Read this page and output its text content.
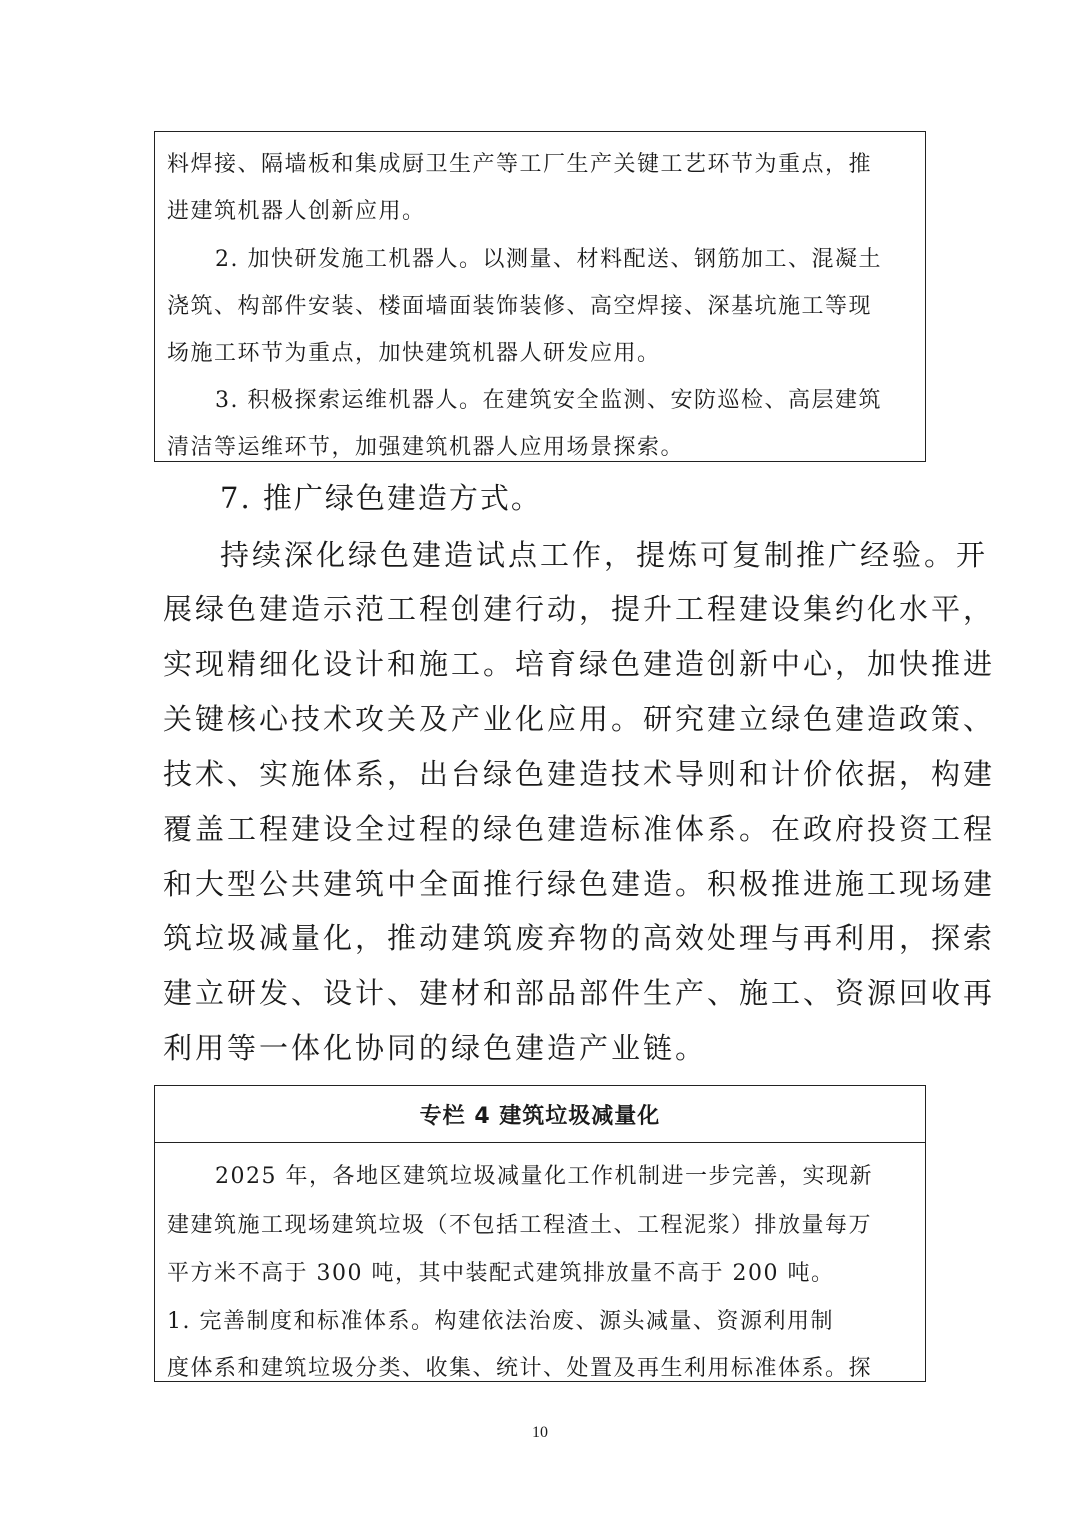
料焊接、隔墙板和集成厨卫生产等工厂生产关键工艺环节为重点，推
进建筑机器人创新应用。
2. 加快研发施工机器人。以测量、材料配送、钢筋加工、混凝土
浇筑、构部件安装、楼面墙面装饰装修、高空焊接、深基坑施工等现
场施工环节为重点，加快建筑机器人研发应用。
3. 积极探索运维机器人。在建筑安全监测、安防巡检、高层建筑
清洁等运维环节，加强建筑机器人应用场景探索。
7. 推广绿色建造方式。
持续深化绿色建造试点工作，提炼可复制推广经验。开
展绿色建造示范工程创建行动，提升工程建设集约化水平，
实现精细化设计和施工。培育绿色建造创新中心，加快推进
关键核心技术攻关及产业化应用。研究建立绿色建造政策、
技术、实施体系，出台绿色建造技术导则和计价依据，构建
覆盖工程建设全过程的绿色建造标准体系。在政府投资工程
和大型公共建筑中全面推行绿色建造。积极推进施工现场建
筑垃圾减量化，推动建筑废弃物的高效处理与再利用，探索
建立研发、设计、建材和部品部件生产、施工、资源回收再
利用等一体化协同的绿色建造产业链。
专栏 4 建筑垃圾减量化
2025 年，各地区建筑垃圾减量化工作机制进一步完善，实现新
建建筑施工现场建筑垃圾（不包括工程渣土、工程泥浆）排放量每万
平方米不高于 300 吨，其中装配式建筑排放量不高于 200 吨。
1. 完善制度和标准体系。构建依法治废、源头减量、资源利用制
度体系和建筑垃圾分类、收集、统计、处置及再生利用标准体系。探
10
